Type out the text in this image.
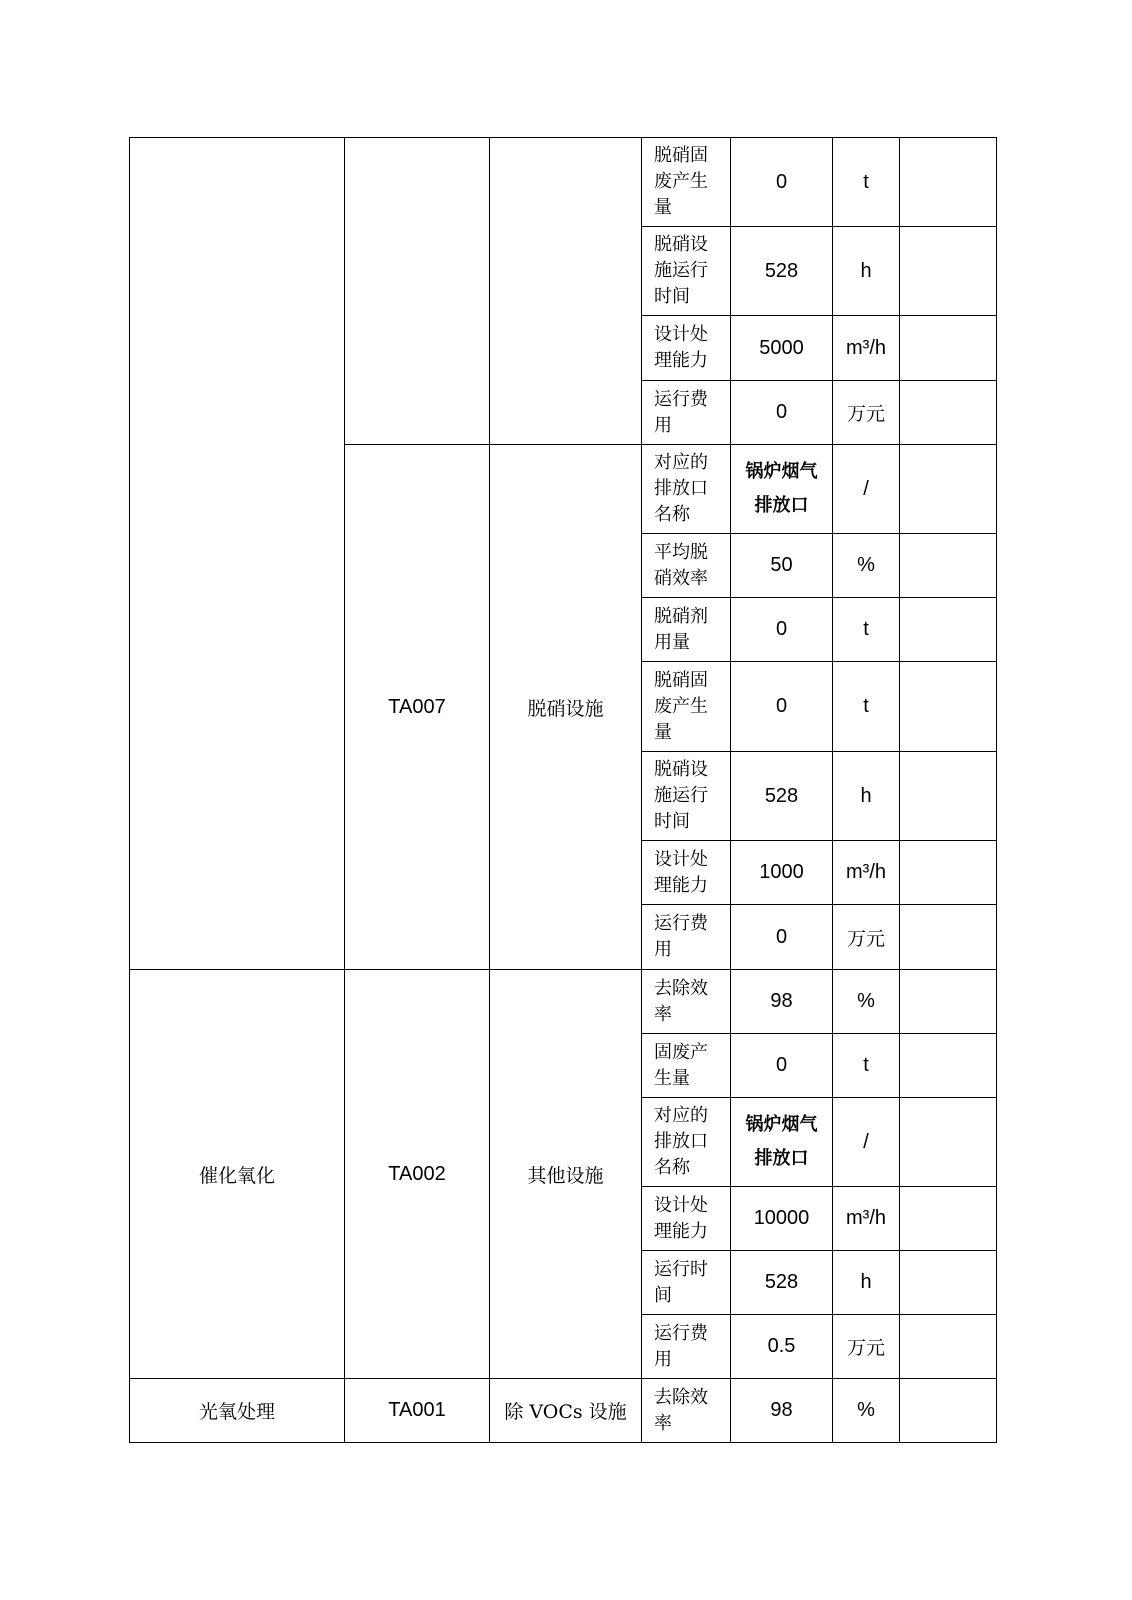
			脱硝固废产生量	0	t	
			脱硝设施运行时间	528	h	
			设计处理能力	5000	m³/h	
			运行费用	0	万元	
	TA007	脱硝设施	对应的排放口名称	锅炉烟气排放口	/	
			平均脱硝效率	50	%	
			脱硝剂用量	0	t	
			脱硝固废产生量	0	t	
			脱硝设施运行时间	528	h	
			设计处理能力	1000	m³/h	
			运行费用	0	万元	
催化氧化	TA002	其他设施	去除效率	98	%	
			固废产生量	0	t	
			对应的排放口名称	锅炉烟气排放口	/	
			设计处理能力	10000	m³/h	
			运行时间	528	h	
			运行费用	0.5	万元	
光氧处理	TA001	除 VOCs 设施	去除效率	98	%	
